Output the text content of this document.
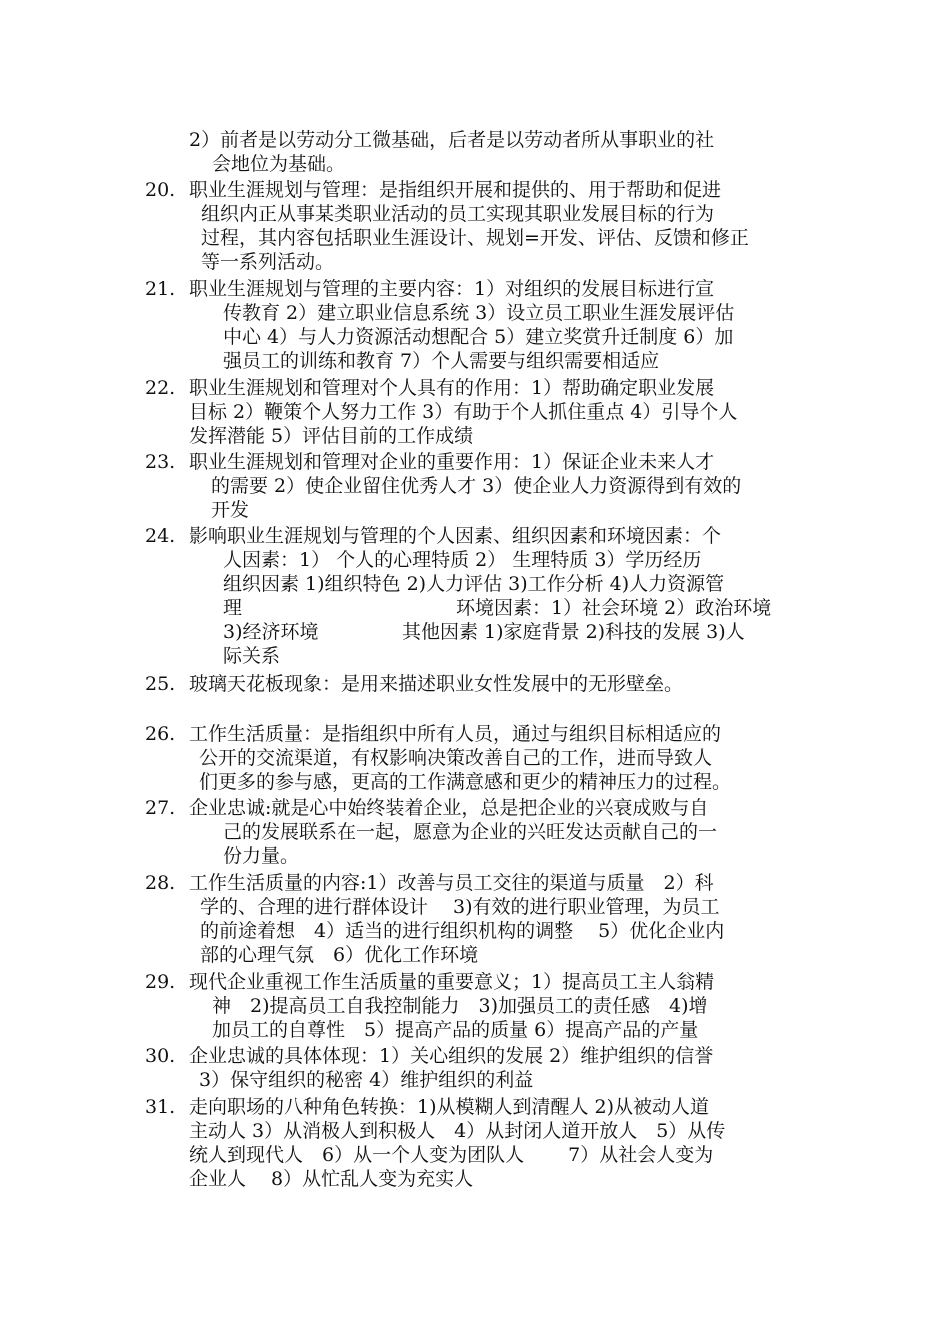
2）前者是以劳动分工微基础，后者是以劳动者所从事职业的社
会地位为基础。
20. 职业生涯规划与管理：是指组织开展和提供的、用于帮助和促进
组织内正从事某类职业活动的员工实现其职业发展目标的行为
过程，其内容包括职业生涯设计、规划=开发、评估、反馈和修正
等一系列活动。
21. 职业生涯规划与管理的主要内容：1）对组织的发展目标进行宣
传教育 2）建立职业信息系统 3）设立员工职业生涯发展评估
中心 4）与人力资源活动想配合 5）建立奖赏升迁制度 6）加
强员工的训练和教育 7）个人需要与组织需要相适应
22. 职业生涯规划和管理对个人具有的作用：1）帮助确定职业发展
目标 2）鞭策个人努力工作 3）有助于个人抓住重点 4）引导个人
发挥潜能 5）评估目前的工作成绩
23. 职业生涯规划和管理对企业的重要作用：1）保证企业未来人才
的需要 2）使企业留住优秀人才 3）使企业人力资源得到有效的
开发
24. 影响职业生涯规划与管理的个人因素、组织因素和环境因素：个
人因素：1） 个人的心理特质 2） 生理特质 3）学历经历
组织因素 1)组织特色 2)人力评估 3)工作分析 4)人力资源管
理	环境因素：1）社会环境 2）政治环境
3)经济环境	其他因素 1)家庭背景 2)科技的发展 3)人
际关系
25. 玻璃天花板现象：是用来描述职业女性发展中的无形壁垒。
26. 工作生活质量：是指组织中所有人员，通过与组织目标相适应的
公开的交流渠道，有权影响决策改善自己的工作，进而导致人
们更多的参与感，更高的工作满意感和更少的精神压力的过程。
27. 企业忠诚:就是心中始终装着企业，总是把企业的兴衰成败与自
己的发展联系在一起，愿意为企业的兴旺发达贡献自己的一
份力量。
28. 工作生活质量的内容:1）改善与员工交往的渠道与质量　2）科
学的、合理的进行群体设计　 3)有效的进行职业管理，为员工
的前途着想　4）适当的进行组织机构的调整　 5）优化企业内
部的心理气氛　6）优化工作环境
29. 现代企业重视工作生活质量的重要意义；1）提高员工主人翁精
神　2)提高员工自我控制能力　3)加强员工的责任感　4)增
加员工的自尊性　5）提高产品的质量 6）提高产品的产量
30. 企业忠诚的具体体现：1）关心组织的发展 2）维护组织的信誉
3）保守组织的秘密 4）维护组织的利益
31. 走向职场的八种角色转换：1)从模糊人到清醒人 2)从被动人道
主动人 3）从消极人到积极人　4）从封闭人道开放人　5）从传
统人到现代人　6）从一个人变为团队人　　 7）从社会人变为
企业人　 8）从忙乱人变为充实人
